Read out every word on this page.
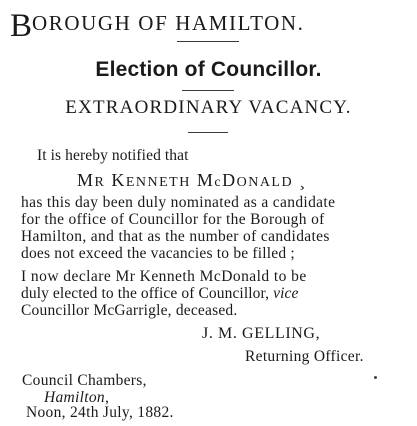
BOROUGH OF HAMILTON.
Election of Councillor.
EXTRAORDINARY VACANCY.
It is hereby notified that
MR KENNETH McDONALD ¸
has this day been duly nominated as a candidate
for the office of Councillor for the Borough of
Hamilton, and that as the number of candidates
does not exceed the vacancies to be filled ;
I now declare Mr Kenneth McDonald to be
duly elected to the office of Councillor, vice
Councillor McGarrigle, deceased.
J. M. GELLING,
Returning Officer.
Council Chambers,
Hamilton,
Noon, 24th July, 1882.
